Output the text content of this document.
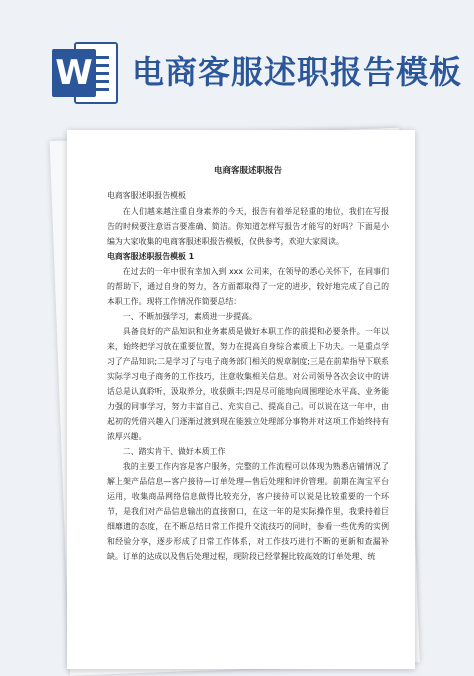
W 电商客服述职报告模板

电商客服述职报告

电商客服述职报告模板

在人们越来越注重自身素养的今天，报告有着举足轻重的地位，我们在写报告的时候要注意语言要准确、简洁。你知道怎样写报告才能写的好吗？下面是小编为大家收集的电商客服述职报告模板，仅供参考，欢迎大家阅读。

电商客服述职报告模板 1

在过去的一年中很有幸加入到 xxx 公司来，在领导的悉心关怀下，在同事们的帮助下，通过自身的努力，各方面都取得了一定的进步，较好地完成了自己的本职工作。现将工作情况作简要总结：

一、不断加强学习，素质进一步提高。

具备良好的产品知识和业务素质是做好本职工作的前提和必要条件。一年以来，始终把学习放在重要位置，努力在提高自身综合素质上下功夫。一是重点学习了产品知识;二是学习了与电子商务部门相关的规章制度;三是在前辈指导下联系实际学习电子商务的工作技巧，注意收集相关信息。对公司领导各次会议中的讲话总是认真聆听，汲取养分，收获颇丰;四是尽可能地向周围理论水平高、业务能力强的同事学习，努力丰富自己、充实自己、提高自己。可以说在这一年中，由起初的凭借兴趣入门逐渐过渡到现在能独立处理部分事物并对这项工作始终持有浓厚兴趣。

二、踏实肯干、做好本质工作

我的主要工作内容是客户服务，完整的工作流程可以体现为熟悉店铺情况了解上架产品信息—客户接待—订单处理—售后处理和评价管理。前期在淘宝平台运用，收集商品网络信息做得比较充分，客户接待可以说是比较重要的一个环节，是我们对产品信息输出的直接窗口，在这一年的是实际操作里，我秉持着巨细靡遗的态度，在不断总结日常工作提升交流技巧的同时，参看一些优秀的实例和经验分享，逐步形成了日常工作体系，对工作技巧进行不断的更新和查漏补缺。订单的达成以及售后处理过程，现阶段已经掌握比较高效的订单处理、统
